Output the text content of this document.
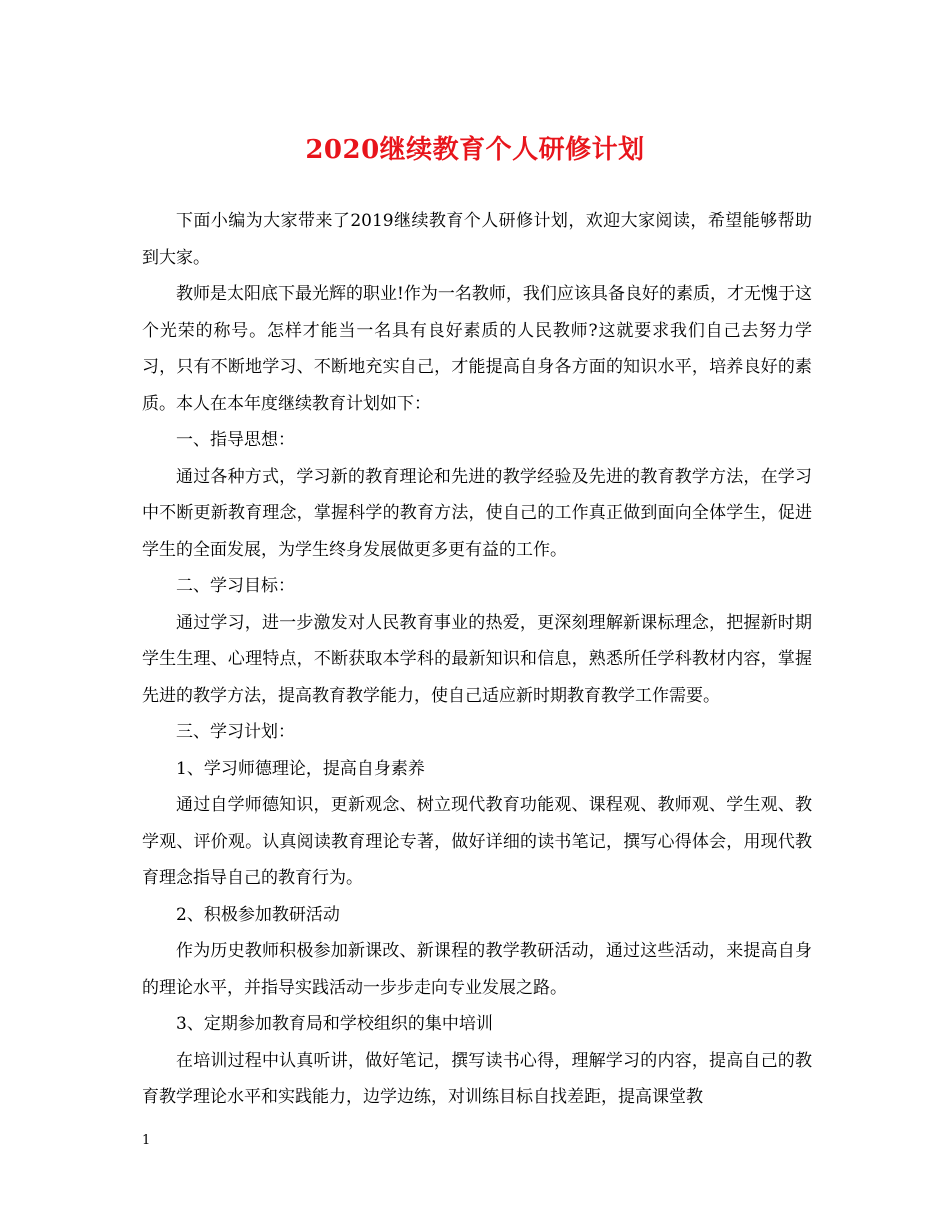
2020继续教育个人研修计划

下面小编为大家带来了2019继续教育个人研修计划，欢迎大家阅读，希望能够帮助到大家。

教师是太阳底下最光辉的职业!作为一名教师，我们应该具备良好的素质，才无愧于这个光荣的称号。怎样才能当一名具有良好素质的人民教师?这就要求我们自己去努力学习，只有不断地学习、不断地充实自己，才能提高自身各方面的知识水平，培养良好的素质。本人在本年度继续教育计划如下：

一、指导思想：

通过各种方式，学习新的教育理论和先进的教学经验及先进的教育教学方法，在学习中不断更新教育理念，掌握科学的教育方法，使自己的工作真正做到面向全体学生，促进学生的全面发展，为学生终身发展做更多更有益的工作。

二、学习目标：

通过学习，进一步激发对人民教育事业的热爱，更深刻理解新课标理念，把握新时期学生生理、心理特点，不断获取本学科的最新知识和信息，熟悉所任学科教材内容，掌握先进的教学方法，提高教育教学能力，使自己适应新时期教育教学工作需要。

三、学习计划：

1、学习师德理论，提高自身素养

通过自学师德知识，更新观念、树立现代教育功能观、课程观、教师观、学生观、教学观、评价观。认真阅读教育理论专著，做好详细的读书笔记，撰写心得体会，用现代教育理念指导自己的教育行为。

2、积极参加教研活动

作为历史教师积极参加新课改、新课程的教学教研活动，通过这些活动，来提高自身的理论水平，并指导实践活动一步步走向专业发展之路。

3、定期参加教育局和学校组织的集中培训

在培训过程中认真听讲，做好笔记，撰写读书心得，理解学习的内容，提高自己的教育教学理论水平和实践能力，边学边练，对训练目标自找差距，提高课堂教

1
